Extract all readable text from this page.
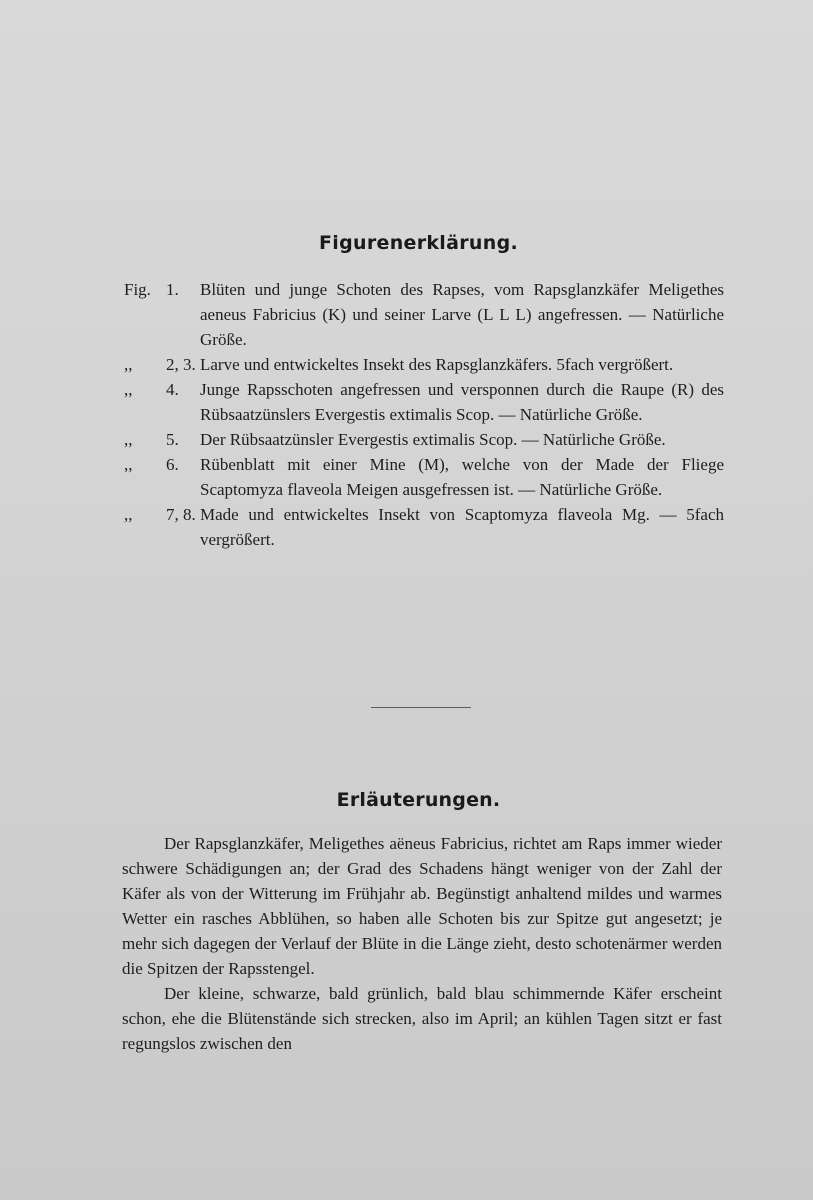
Figurenerklärung.
Fig. 1.	Blüten und junge Schoten des Rapses, vom Rapsglanzkäfer Meligethes aeneus Fabricius (K) und seiner Larve (L L L) angefressen. — Natürliche Größe.
,,	2, 3. Larve und entwickeltes Insekt des Rapsglanzkäfers. 5fach vergrößert.
,,	4.	Junge Rapsschoten angefressen und versponnen durch die Raupe (R) des Rübsaatzünslers Evergestis extimalis Scop. — Natürliche Größe.
,,	5.	Der Rübsaatzünsler Evergestis extimalis Scop. — Natürliche Größe.
,,	6.	Rübenblatt mit einer Mine (M), welche von der Made der Fliege Scaptomyza flaveola Meigen ausgefressen ist. — Natürliche Größe.
,,	7, 8. Made und entwickeltes Insekt von Scaptomyza flaveola Mg. — 5fach vergrößert.
Erläuterungen.

Der Rapsglanzkäfer, Meligethes aëneus Fabricius, richtet am Raps immer wieder schwere Schädigungen an; der Grad des Schadens hängt weniger von der Zahl der Käfer als von der Witterung im Frühjahr ab. Begünstigt anhaltend mildes und warmes Wetter ein rasches Abblühen, so haben alle Schoten bis zur Spitze gut angesetzt; je mehr sich dagegen der Verlauf der Blüte in die Länge zieht, desto schotenärmer werden die Spitzen der Rapsstengel.

Der kleine, schwarze, bald grünlich, bald blau schimmernde Käfer erscheint schon, ehe die Blütenstände sich strecken, also im April; an kühlen Tagen sitzt er fast regungslos zwischen den
